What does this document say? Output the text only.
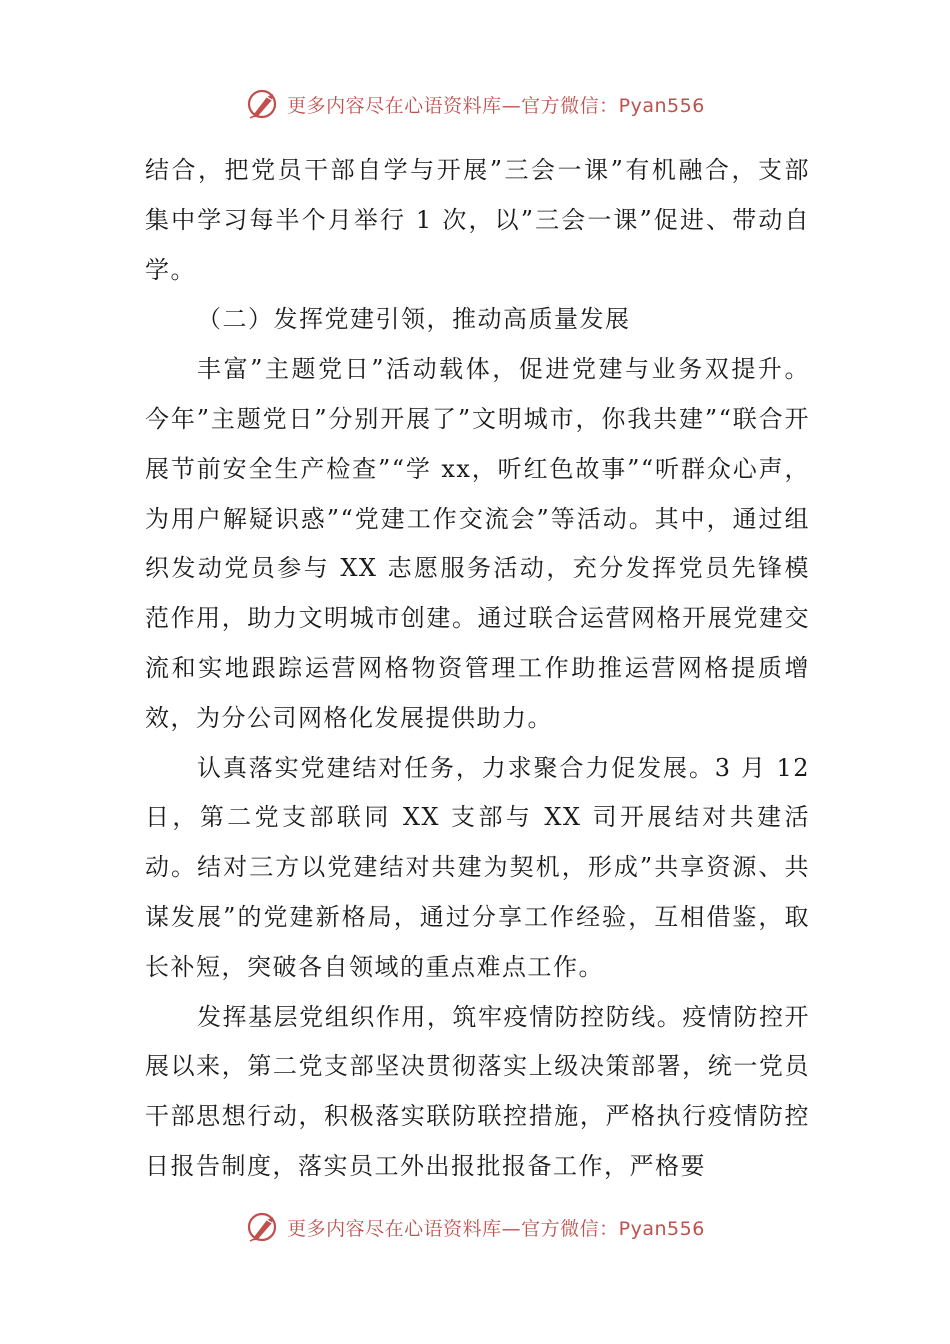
更多内容尽在心语资料库—官方微信：Pyan556

结合，把党员干部自学与开展”三会一课”有机融合，支部集中学习每半个月举行 1 次，以”三会一课”促进、带动自学。

（二）发挥党建引领，推动高质量发展

丰富”主题党日”活动载体，促进党建与业务双提升。今年”主题党日”分别开展了”文明城市，你我共建”“联合开展节前安全生产检查”“学 xx，听红色故事”“听群众心声，为用户解疑识惑”“党建工作交流会”等活动。其中，通过组织发动党员参与 XX 志愿服务活动，充分发挥党员先锋模范作用，助力文明城市创建。通过联合运营网格开展党建交流和实地跟踪运营网格物资管理工作助推运营网格提质增效，为分公司网格化发展提供助力。

认真落实党建结对任务，力求聚合力促发展。3 月 12 日，第二党支部联同 XX 支部与 XX 司开展结对共建活动。结对三方以党建结对共建为契机，形成”共享资源、共谋发展”的党建新格局，通过分享工作经验，互相借鉴，取长补短，突破各自领域的重点难点工作。

发挥基层党组织作用，筑牢疫情防控防线。疫情防控开展以来，第二党支部坚决贯彻落实上级决策部署，统一党员干部思想行动，积极落实联防联控措施，严格执行疫情防控日报告制度，落实员工外出报批报备工作，严格要

更多内容尽在心语资料库—官方微信：Pyan556
